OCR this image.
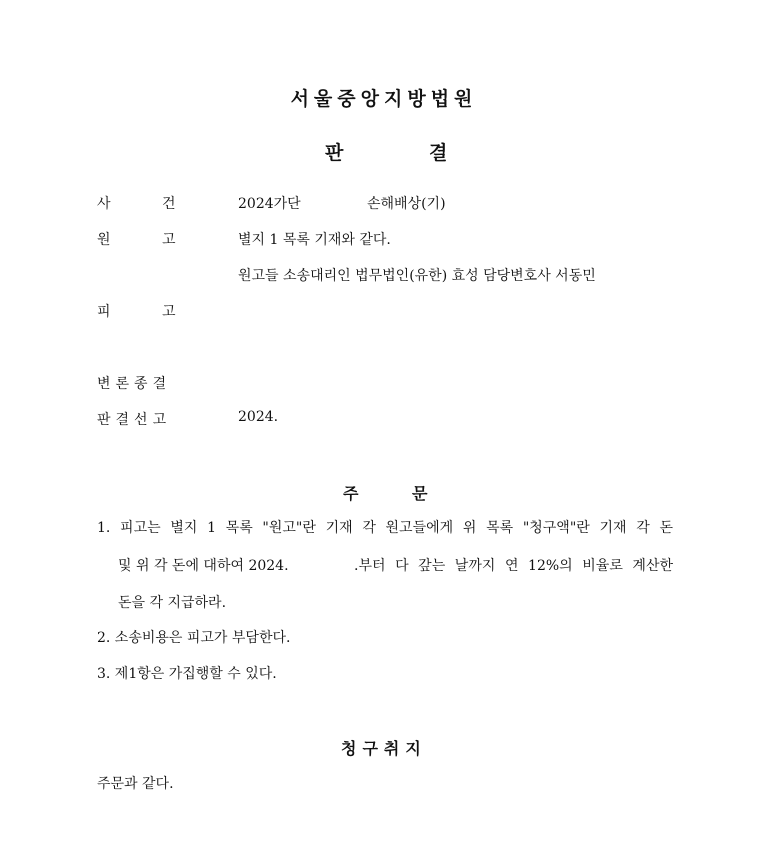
서울중앙지방법원
판	결
사	건	2024가단	손해배상(기)
원	고	별지 1 목록 기재와 같다.
원고들 소송대리인 법무법인(유한) 효성 담당변호사 서동민
피	고
변론종결
판결선고	2024.
주	문
1. 피고는 별지 1 목록 "원고"란 기재 각 원고들에게 위 목록 "청구액"란 기재 각 돈
및 위 각 돈에 대하여 2024.	.부터 다 갚는 날까지 연 12%의 비율로 계산한
돈을 각 지급하라.
2. 소송비용은 피고가 부담한다.
3. 제1항은 가집행할 수 있다.
청구취지
주문과 같다.
